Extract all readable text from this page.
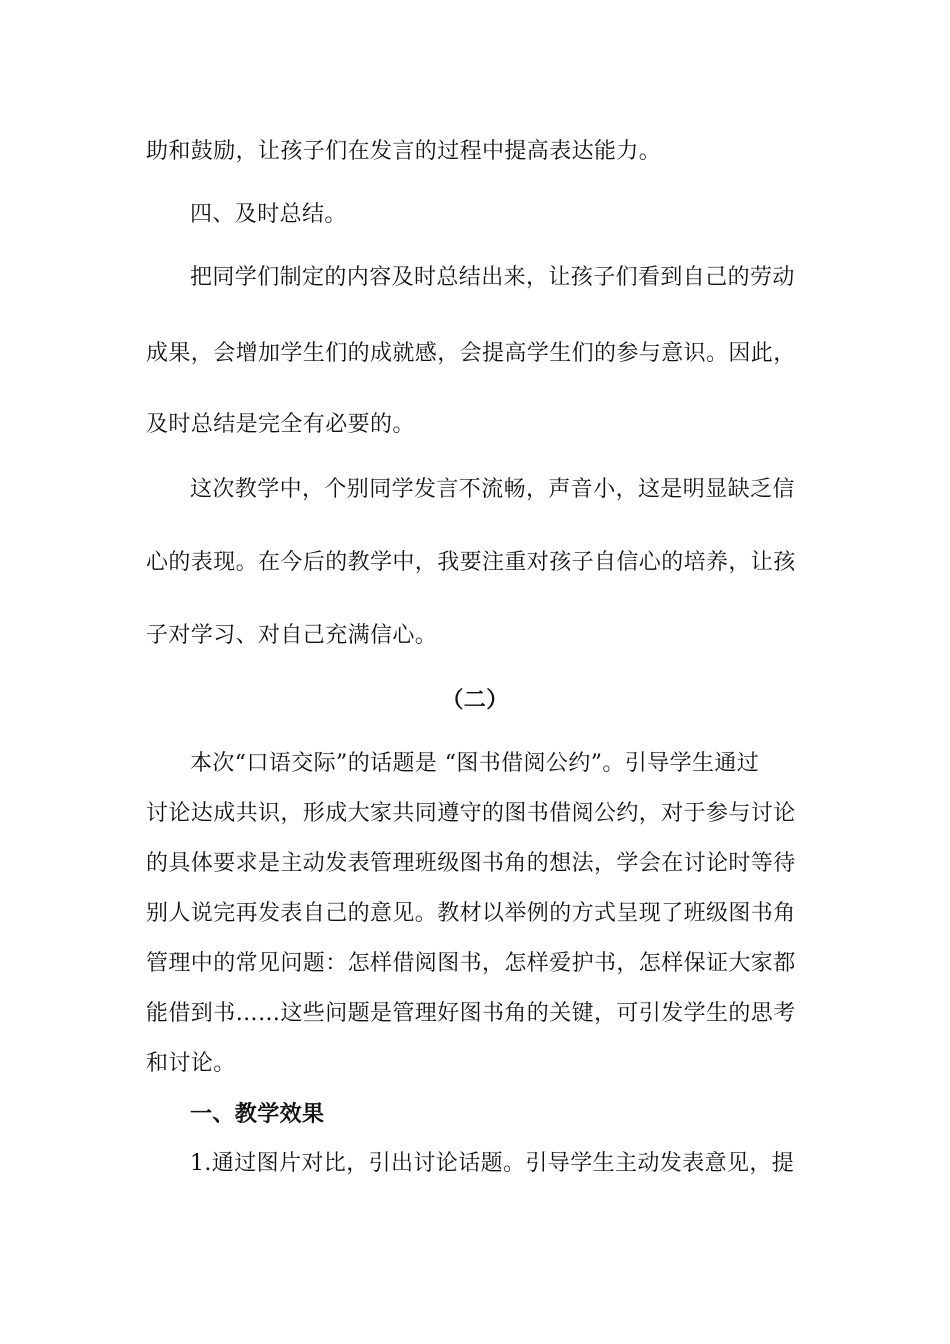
助和鼓励，让孩子们在发言的过程中提高表达能力。
四、及时总结。
把同学们制定的内容及时总结出来，让孩子们看到自己的劳动
成果，会增加学生们的成就感，会提高学生们的参与意识。因此，
及时总结是完全有必要的。
这次教学中，个别同学发言不流畅，声音小，这是明显缺乏信
心的表现。在今后的教学中，我要注重对孩子自信心的培养，让孩
子对学习、对自己充满信心。
（二）
本次“口语交际”的话题是 “图书借阅公约”。引导学生通过
讨论达成共识，形成大家共同遵守的图书借阅公约，对于参与讨论
的具体要求是主动发表管理班级图书角的想法，学会在讨论时等待
别人说完再发表自己的意见。教材以举例的方式呈现了班级图书角
管理中的常见问题：怎样借阅图书，怎样爱护书，怎样保证大家都
能借到书……这些问题是管理好图书角的关键，可引发学生的思考
和讨论。
一、教学效果
1.通过图片对比，引出讨论话题。引导学生主动发表意见，提
